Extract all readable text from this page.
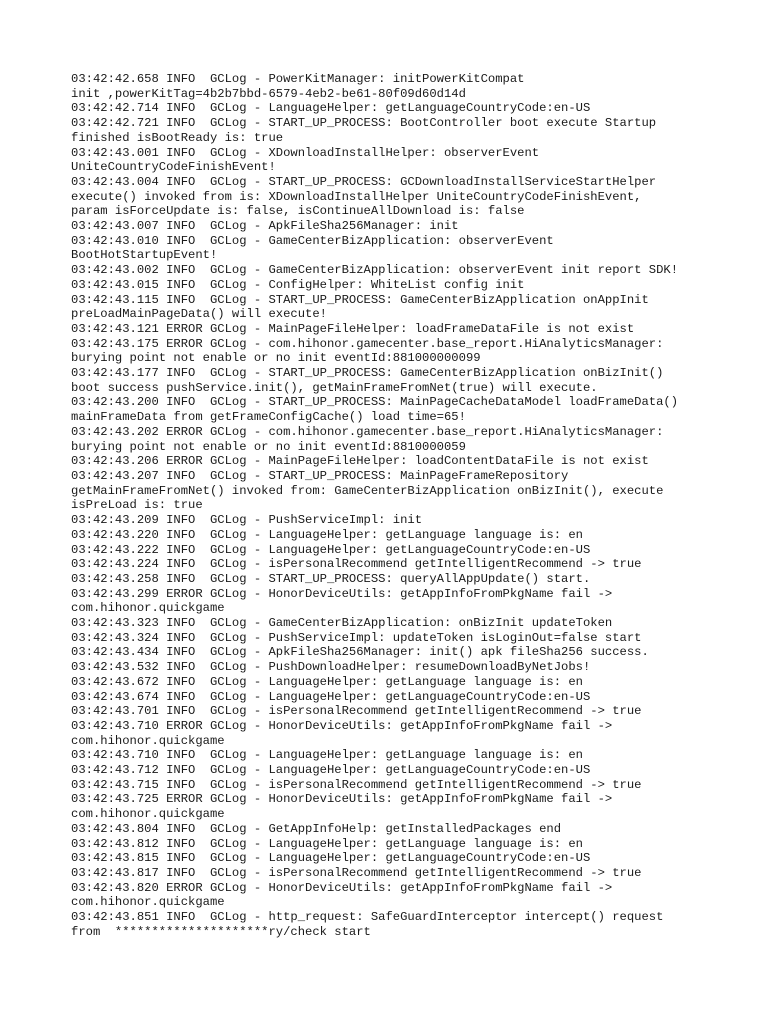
03:42:42.658 INFO  GCLog - PowerKitManager: initPowerKitCompat
init ,powerKitTag=4b2b7bbd-6579-4eb2-be61-80f09d60d14d
03:42:42.714 INFO  GCLog - LanguageHelper: getLanguageCountryCode:en-US
03:42:42.721 INFO  GCLog - START_UP_PROCESS: BootController boot execute Startup
finished isBootReady is: true
03:42:43.001 INFO  GCLog - XDownloadInstallHelper: observerEvent
UniteCountryCodeFinishEvent!
03:42:43.004 INFO  GCLog - START_UP_PROCESS: GCDownloadInstallServiceStartHelper
execute() invoked from is: XDownloadInstallHelper UniteCountryCodeFinishEvent,
param isForceUpdate is: false, isContinueAllDownload is: false
03:42:43.007 INFO  GCLog - ApkFileSha256Manager: init
03:42:43.010 INFO  GCLog - GameCenterBizApplication: observerEvent
BootHotStartupEvent!
03:42:43.002 INFO  GCLog - GameCenterBizApplication: observerEvent init report SDK!
03:42:43.015 INFO  GCLog - ConfigHelper: WhiteList config init
03:42:43.115 INFO  GCLog - START_UP_PROCESS: GameCenterBizApplication onAppInit
preLoadMainPageData() will execute!
03:42:43.121 ERROR GCLog - MainPageFileHelper: loadFrameDataFile is not exist
03:42:43.175 ERROR GCLog - com.hihonor.gamecenter.base_report.HiAnalyticsManager:
burying point not enable or no init eventId:881000000099
03:42:43.177 INFO  GCLog - START_UP_PROCESS: GameCenterBizApplication onBizInit()
boot success pushService.init(), getMainFrameFromNet(true) will execute.
03:42:43.200 INFO  GCLog - START_UP_PROCESS: MainPageCacheDataModel loadFrameData()
mainFrameData from getFrameConfigCache() load time=65!
03:42:43.202 ERROR GCLog - com.hihonor.gamecenter.base_report.HiAnalyticsManager:
burying point not enable or no init eventId:8810000059
03:42:43.206 ERROR GCLog - MainPageFileHelper: loadContentDataFile is not exist
03:42:43.207 INFO  GCLog - START_UP_PROCESS: MainPageFrameRepository
getMainFrameFromNet() invoked from: GameCenterBizApplication onBizInit(), execute
isPreLoad is: true
03:42:43.209 INFO  GCLog - PushServiceImpl: init
03:42:43.220 INFO  GCLog - LanguageHelper: getLanguage language is: en
03:42:43.222 INFO  GCLog - LanguageHelper: getLanguageCountryCode:en-US
03:42:43.224 INFO  GCLog - isPersonalRecommend getIntelligentRecommend -> true
03:42:43.258 INFO  GCLog - START_UP_PROCESS: queryAllAppUpdate() start.
03:42:43.299 ERROR GCLog - HonorDeviceUtils: getAppInfoFromPkgName fail ->
com.hihonor.quickgame
03:42:43.323 INFO  GCLog - GameCenterBizApplication: onBizInit updateToken
03:42:43.324 INFO  GCLog - PushServiceImpl: updateToken isLoginOut=false start
03:42:43.434 INFO  GCLog - ApkFileSha256Manager: init() apk fileSha256 success.
03:42:43.532 INFO  GCLog - PushDownloadHelper: resumeDownloadByNetJobs!
03:42:43.672 INFO  GCLog - LanguageHelper: getLanguage language is: en
03:42:43.674 INFO  GCLog - LanguageHelper: getLanguageCountryCode:en-US
03:42:43.701 INFO  GCLog - isPersonalRecommend getIntelligentRecommend -> true
03:42:43.710 ERROR GCLog - HonorDeviceUtils: getAppInfoFromPkgName fail ->
com.hihonor.quickgame
03:42:43.710 INFO  GCLog - LanguageHelper: getLanguage language is: en
03:42:43.712 INFO  GCLog - LanguageHelper: getLanguageCountryCode:en-US
03:42:43.715 INFO  GCLog - isPersonalRecommend getIntelligentRecommend -> true
03:42:43.725 ERROR GCLog - HonorDeviceUtils: getAppInfoFromPkgName fail ->
com.hihonor.quickgame
03:42:43.804 INFO  GCLog - GetAppInfoHelp: getInstalledPackages end
03:42:43.812 INFO  GCLog - LanguageHelper: getLanguage language is: en
03:42:43.815 INFO  GCLog - LanguageHelper: getLanguageCountryCode:en-US
03:42:43.817 INFO  GCLog - isPersonalRecommend getIntelligentRecommend -> true
03:42:43.820 ERROR GCLog - HonorDeviceUtils: getAppInfoFromPkgName fail ->
com.hihonor.quickgame
03:42:43.851 INFO  GCLog - http_request: SafeGuardInterceptor intercept() request
from  *********************ry/check start
